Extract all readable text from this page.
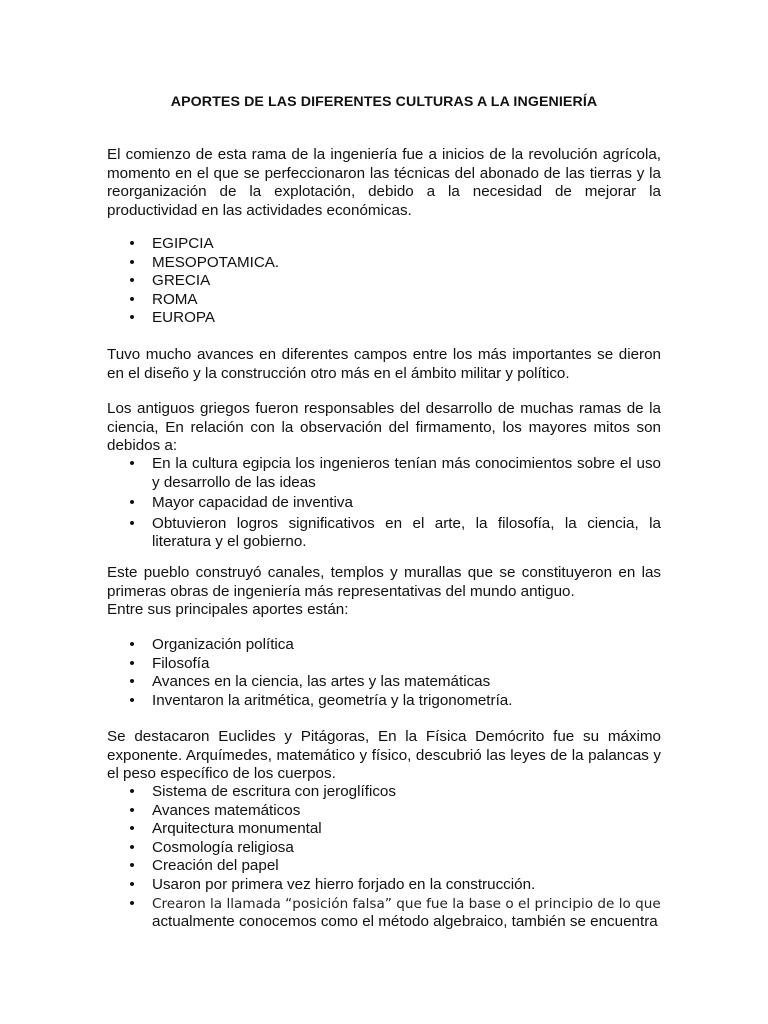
APORTES DE LAS DIFERENTES CULTURAS A LA INGENIERÍA

El comienzo de esta rama de la ingeniería fue a inicios de la revolución agrícola, momento en el que se perfeccionaron las técnicas del abonado de las tierras y la reorganización de la explotación, debido a la necesidad de mejorar la productividad en las actividades económicas.

• EGIPCIA
• MESOPOTAMICA.
• GRECIA
• ROMA
• EUROPA

Tuvo mucho avances en diferentes campos entre los más importantes se dieron en el diseño y la construcción otro más en el ámbito militar y político.

Los antiguos griegos fueron responsables del desarrollo de muchas ramas de la ciencia, En relación con la observación del firmamento, los mayores mitos son debidos a:

• En la cultura egipcia los ingenieros tenían más conocimientos sobre el uso y desarrollo de las ideas
• Mayor capacidad de inventiva
• Obtuvieron logros significativos en el arte, la filosofía, la ciencia, la literatura y el gobierno.

Este pueblo construyó canales, templos y murallas que se constituyeron en las primeras obras de ingeniería más representativas del mundo antiguo.

Entre sus principales aportes están:

• Organización política
• Filosofía
• Avances en la ciencia, las artes y las matemáticas
• Inventaron la aritmética, geometría y la trigonometría.

Se destacaron Euclides y Pitágoras, En la Física Demócrito fue su máximo exponente. Arquímedes, matemático y físico, descubrió las leyes de la palancas y el peso específico de los cuerpos.

• Sistema de escritura con jeroglíficos
• Avances matemáticos
• Arquitectura monumental
• Cosmología religiosa
• Creación del papel
• Usaron por primera vez hierro forjado en la construcción.
• Crearon la llamada “posición falsa” que fue la base o el principio de lo que
actualmente conocemos como el método algebraico, también se encuentra
